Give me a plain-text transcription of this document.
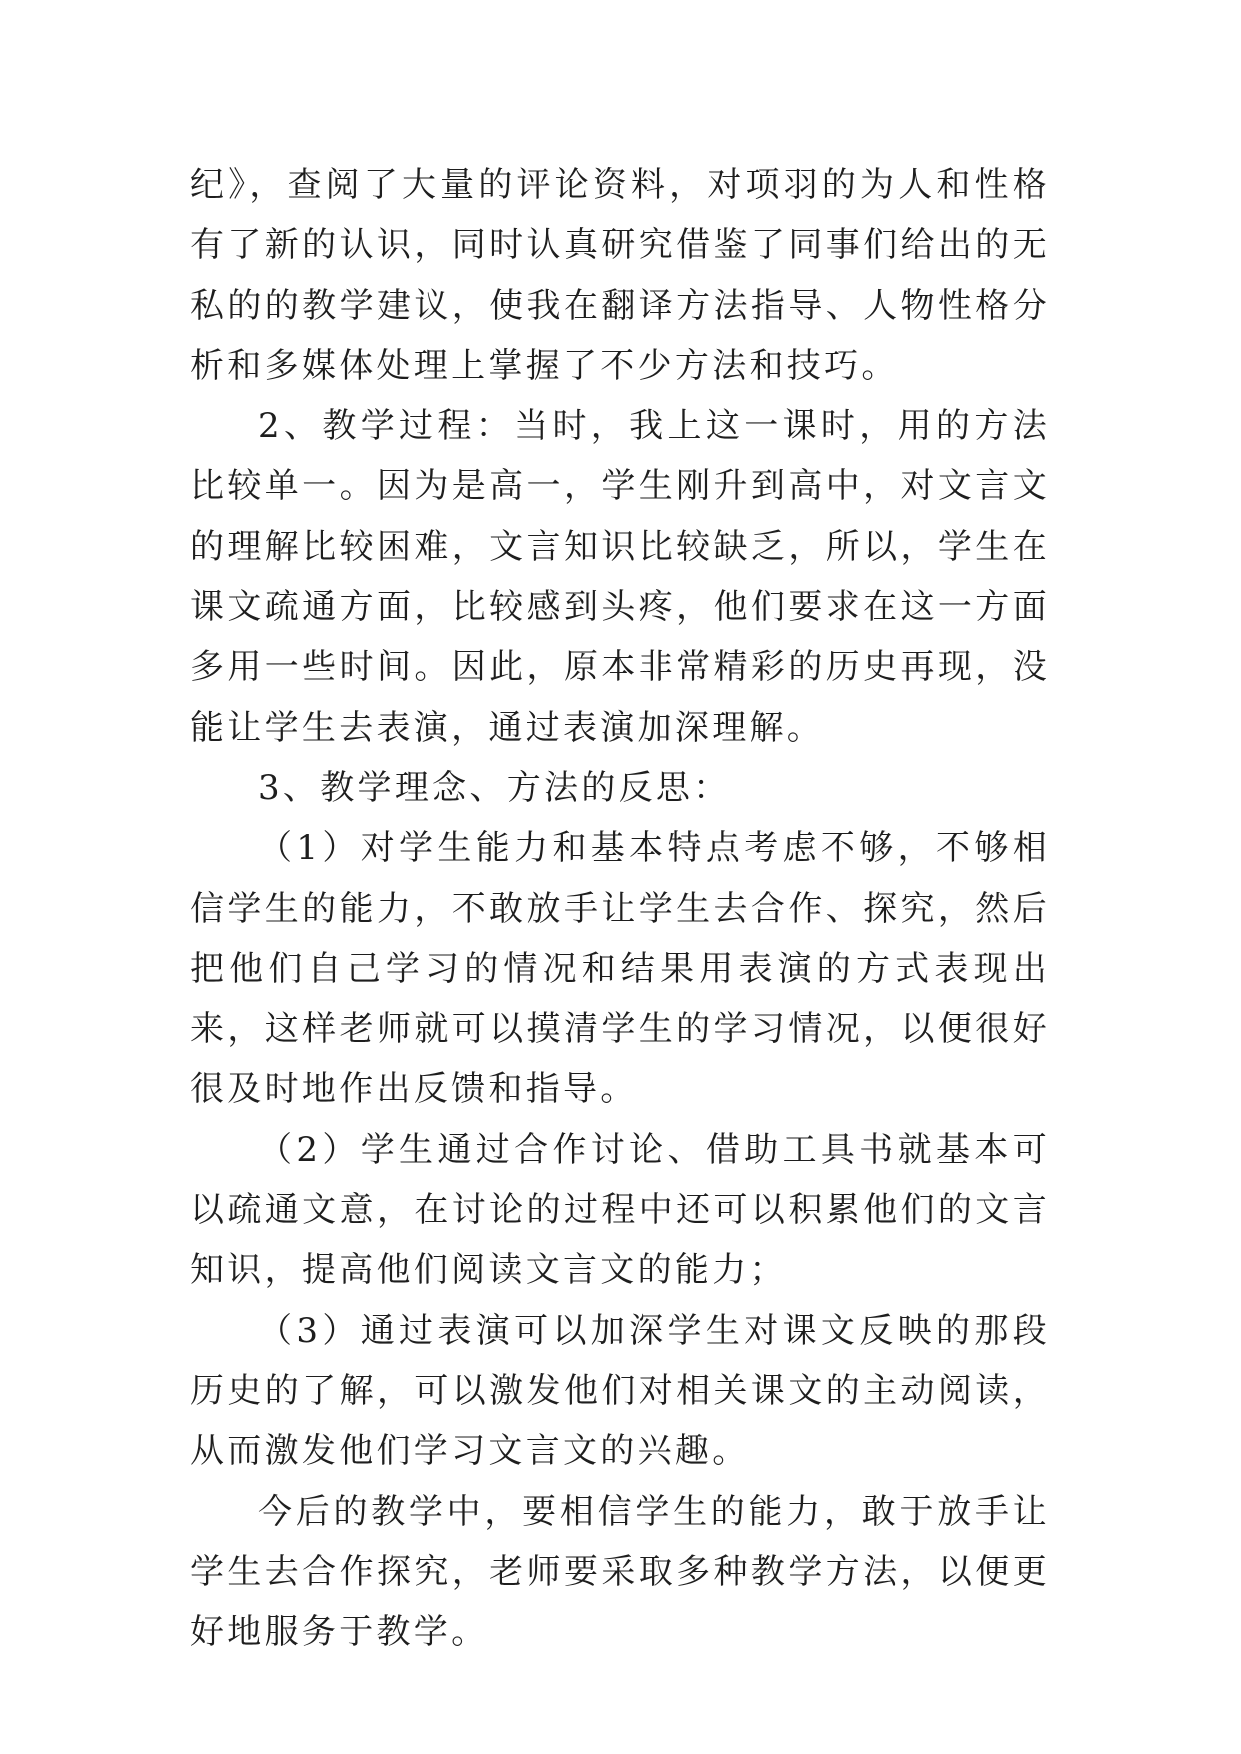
纪》，查阅了大量的评论资料，对项羽的为人和性格有了新的认识，同时认真研究借鉴了同事们给出的无私的的教学建议，使我在翻译方法指导、人物性格分析和多媒体处理上掌握了不少方法和技巧。

2、教学过程：当时，我上这一课时，用的方法比较单一。因为是高一，学生刚升到高中，对文言文的理解比较困难，文言知识比较缺乏，所以，学生在课文疏通方面，比较感到头疼，他们要求在这一方面多用一些时间。因此，原本非常精彩的历史再现，没能让学生去表演，通过表演加深理解。

3、教学理念、方法的反思：

（1）对学生能力和基本特点考虑不够，不够相信学生的能力，不敢放手让学生去合作、探究，然后把他们自己学习的情况和结果用表演的方式表现出来，这样老师就可以摸清学生的学习情况，以便很好很及时地作出反馈和指导。

（2）学生通过合作讨论、借助工具书就基本可以疏通文意，在讨论的过程中还可以积累他们的文言知识，提高他们阅读文言文的能力；

（3）通过表演可以加深学生对课文反映的那段历史的了解，可以激发他们对相关课文的主动阅读，从而激发他们学习文言文的兴趣。

今后的教学中，要相信学生的能力，敢于放手让学生去合作探究，老师要采取多种教学方法，以便更好地服务于教学。
